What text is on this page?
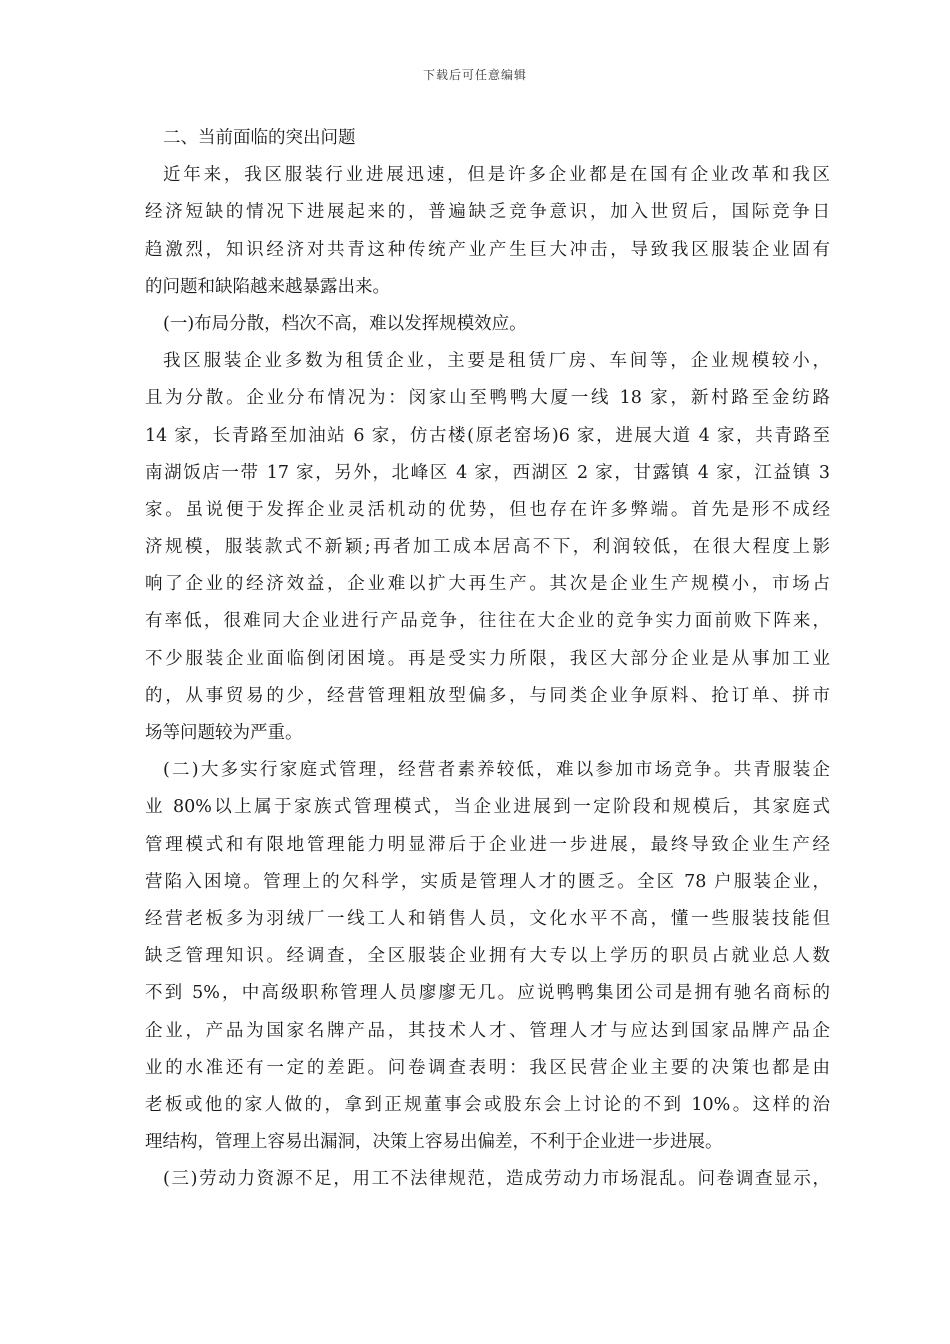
下载后可任意编辑
二、当前面临的突出问题
近年来，我区服装行业进展迅速，但是许多企业都是在国有企业改革和我区
经济短缺的情况下进展起来的，普遍缺乏竞争意识，加入世贸后，国际竞争日
趋激烈，知识经济对共青这种传统产业产生巨大冲击，导致我区服装企业固有
的问题和缺陷越来越暴露出来。
(一)布局分散，档次不高，难以发挥规模效应。
我区服装企业多数为租赁企业，主要是租赁厂房、车间等，企业规模较小，
且为分散。企业分布情况为：闵家山至鸭鸭大厦一线 18 家，新村路至金纺路
14 家，长青路至加油站 6 家，仿古楼(原老窑场)6 家，进展大道 4 家，共青路至
南湖饭店一带 17 家，另外，北峰区 4 家，西湖区 2 家，甘露镇 4 家，江益镇 3
家。虽说便于发挥企业灵活机动的优势，但也存在许多弊端。首先是形不成经
济规模，服装款式不新颖;再者加工成本居高不下，利润较低，在很大程度上影
响了企业的经济效益，企业难以扩大再生产。其次是企业生产规模小，市场占
有率低，很难同大企业进行产品竞争，往往在大企业的竞争实力面前败下阵来，
不少服装企业面临倒闭困境。再是受实力所限，我区大部分企业是从事加工业
的，从事贸易的少，经营管理粗放型偏多，与同类企业争原料、抢订单、拼市
场等问题较为严重。
(二)大多实行家庭式管理，经营者素养较低，难以参加市场竞争。共青服装企
业 80%以上属于家族式管理模式，当企业进展到一定阶段和规模后，其家庭式
管理模式和有限地管理能力明显滞后于企业进一步进展，最终导致企业生产经
营陷入困境。管理上的欠科学，实质是管理人才的匮乏。全区 78 户服装企业，
经营老板多为羽绒厂一线工人和销售人员，文化水平不高，懂一些服装技能但
缺乏管理知识。经调查，全区服装企业拥有大专以上学历的职员占就业总人数
不到 5%，中高级职称管理人员廖廖无几。应说鸭鸭集团公司是拥有驰名商标的
企业，产品为国家名牌产品，其技术人才、管理人才与应达到国家品牌产品企
业的水准还有一定的差距。问卷调查表明：我区民营企业主要的决策也都是由
老板或他的家人做的，拿到正规董事会或股东会上讨论的不到 10%。这样的治
理结构，管理上容易出漏洞，决策上容易出偏差，不利于企业进一步进展。
(三)劳动力资源不足，用工不法律规范，造成劳动力市场混乱。问卷调查显示，
